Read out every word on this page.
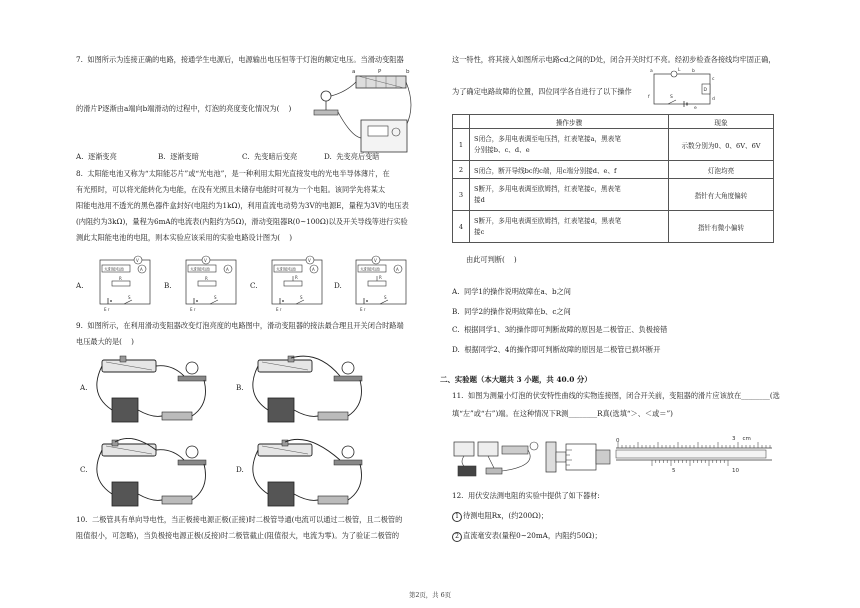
7.  如图所示为连接正确的电路，接通学生电源后，电源输出电压恒等于灯泡的额定电压。当滑动变阻器

的滑片P逐渐由a端向b端滑动的过程中，灯泡的亮度变化情况为(    )

a	P	b
A.  逐渐变亮	B.  逐渐变暗	C.  先变暗后变亮	D.  先变亮后变暗

8.  太阳能电池又称为“太阳能芯片”或“光电池”，是一种利用太阳光直接发电的光电半导体薄片，在

有光照时，可以将光能转化为电能，在没有光照且未储存电能时可视为一个电阻。该同学先将某太

阳能电池用不透光的黑色器件盒封好(电阻约为1kΩ)，利用直流电动势为3V的电源E，量程为3V的电压表

(内阻约为3kΩ)，量程为6mA的电流表(内阻约为5Ω)，滑动变阻器R(0~100Ω)以及开关导线等进行实验

测此太阳能电池的电阻，则本实验应该采用的实验电路设计图为(    )

A.
太阳能电池
V
A
R
E r
S
B.
太阳能电池
V
A
R
E r
S
C.
太阳能电池
V
A
R
E r
S
D.
太阳能电池
V
A
R
E r
S

9.  如图所示，在利用滑动变阻器改变灯泡亮度的电路图中，滑动变阻器的接法最合理且开关闭合时路端

电压最大的是(    )

A.	B.
C.	D.

10.  二极管具有单向导电性，当正极接电源正极(正接)时二极管导通(电流可以通过二极管，且二极管的

阻值很小，可忽略)，当负极接电源正极(反接)时二极管截止(阻值很大，电流为零)。为了验证二极管的

这一特性，将其接入如图所示电路cd之间的D处，闭合开关时灯不亮。经初步检查各接线均牢固正确，

为了确定电路故障的位置，四位同学各自进行了以下操作

L
a	b
c
D
d
e
f	S
	操作步骤	现象
1	S闭合，多用电表调至电压挡，红表笔接a，黑表笔
分别接b、c、d、e	示数分别为0、0、6V、6V
2	S闭合，断开导线bc的c端，用c端分别接d、e、f	灯泡均亮
3	S断开，多用电表调至欧姆挡，红表笔接c，黑表笔
接d	指针有大角度偏转
4	S断开，多用电表调至欧姆挡，红表笔接d，黑表笔
接c	指针有微小偏转

由此可判断(    )

A.  同学1的操作说明故障在a、b之间

B.  同学2的操作说明故障在b、c之间

C.  根据同学1、3的操作即可判断故障的原因是二极管正、负极接错

D.  根据同学2、4的操作即可判断故障的原因是二极管已损坏断开

二、实验题（本大题共 3 小题，共 40.0 分）

11.  如图为测量小灯泡的伏安特性曲线的实物连接图，闭合开关前，变阻器的滑片应该放在________(选

填“左”或“右”)端。在这种情况下R测________R真(选填“＞、＜或＝”)

0
5	10
3    cm

12.  用伏安法测电阻的实验中提供了如下器材:

1 待测电阻Rx，(约200Ω)；

2 直流毫安表(量程0~20mA，内阻约50Ω)；

第2页，共 6页
